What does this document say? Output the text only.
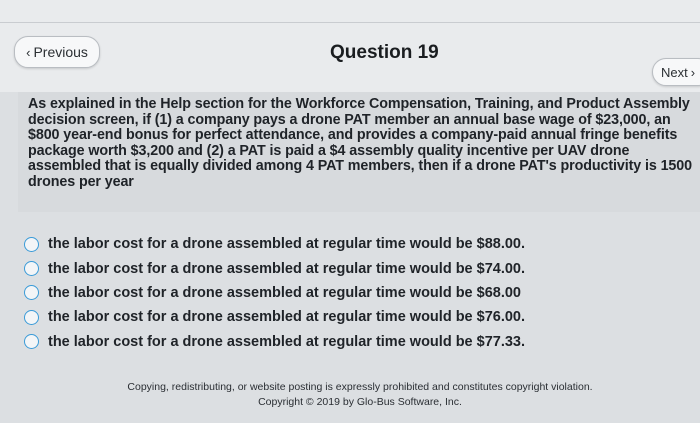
‹ Previous	Question 19
Next ›
As explained in the Help section for the Workforce Compensation, Training, and Product Assembly decision screen, if (1) a company pays a drone PAT member an annual base wage of $23,000, an $800 year-end bonus for perfect attendance, and provides a company-paid annual fringe benefits package worth $3,200 and (2) a PAT is paid a $4 assembly quality incentive per UAV drone assembled that is equally divided among 4 PAT members, then if a drone PAT's productivity is 1500 drones per year
the labor cost for a drone assembled at regular time would be $88.00.
the labor cost for a drone assembled at regular time would be $74.00.
the labor cost for a drone assembled at regular time would be $68.00
the labor cost for a drone assembled at regular time would be $76.00.
the labor cost for a drone assembled at regular time would be $77.33.
Copying, redistributing, or website posting is expressly prohibited and constitutes copyright violation.
Copyright © 2019 by Glo-Bus Software, Inc.
